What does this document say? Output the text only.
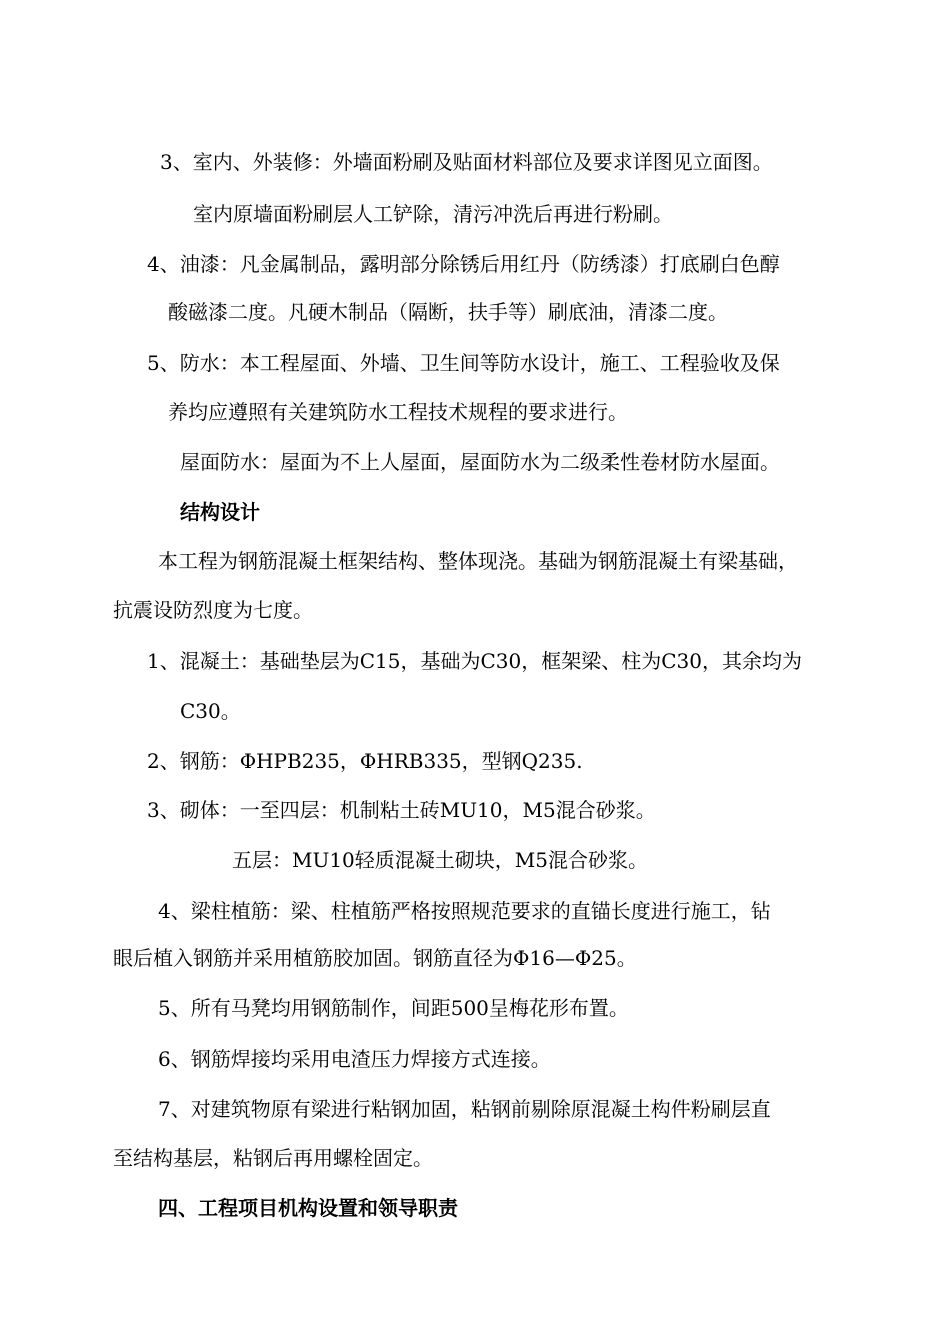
3、室内、外装修：外墙面粉刷及贴面材料部位及要求详图见立面图。
室内原墙面粉刷层人工铲除，清污冲洗后再进行粉刷。
4、油漆：凡金属制品，露明部分除锈后用红丹（防绣漆）打底刷白色醇
酸磁漆二度。凡硬木制品（隔断，扶手等）刷底油，清漆二度。
5、防水：本工程屋面、外墙、卫生间等防水设计，施工、工程验收及保
养均应遵照有关建筑防水工程技术规程的要求进行。
屋面防水：屋面为不上人屋面，屋面防水为二级柔性卷材防水屋面。
结构设计
本工程为钢筋混凝土框架结构、整体现浇。基础为钢筋混凝土有梁基础，
抗震设防烈度为七度。
1、混凝土：基础垫层为C15，基础为C30，框架梁、柱为C30，其余均为
C30。
2、钢筋：ΦHPB235，ΦHRB335，型钢Q235.
3、砌体：一至四层：机制粘土砖MU10，M5混合砂浆。
五层：MU10轻质混凝土砌块，M5混合砂浆。
4、梁柱植筋：梁、柱植筋严格按照规范要求的直锚长度进行施工，钻
眼后植入钢筋并采用植筋胶加固。钢筋直径为Φ16—Φ25。
5、所有马凳均用钢筋制作，间距500呈梅花形布置。
6、钢筋焊接均采用电渣压力焊接方式连接。
7、对建筑物原有梁进行粘钢加固，粘钢前剔除原混凝土构件粉刷层直
至结构基层，粘钢后再用螺栓固定。
四、工程项目机构设置和领导职责
